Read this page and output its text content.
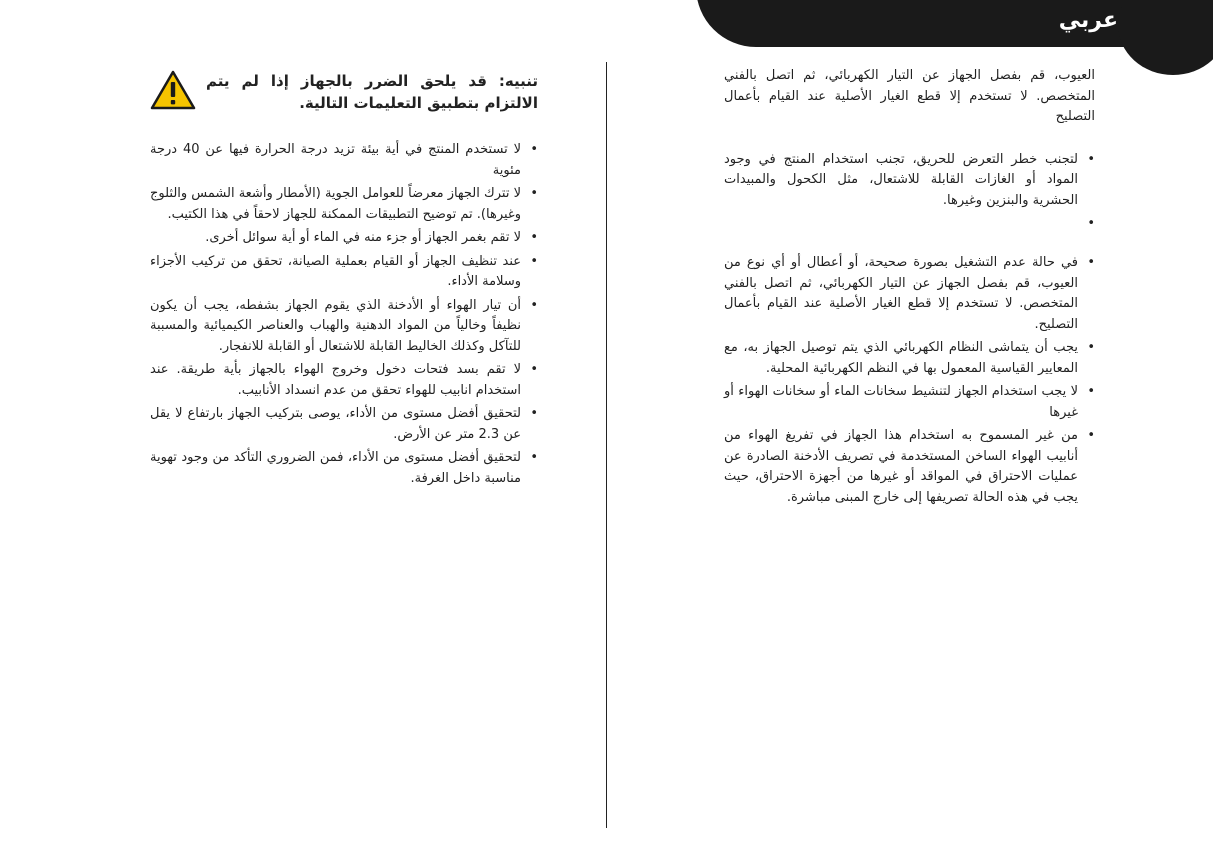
عربي
العيوب، قم بفصل الجهاز عن التيار الكهربائي، ثم اتصل بالفني المتخصص. لا تستخدم إلا قطع الغيار الأصلية عند القيام بأعمال التصليح
•
لتجنب خطر التعرض للحريق، تجنب استخدام المنتج في وجود المواد أو الغازات القابلة للاشتعال، مثل الكحول والمبيدات الحشرية والبنزين وغيرها.
•
•
في حالة عدم التشغيل بصورة صحيحة، أو أعطال أو أي نوع من العيوب، قم بفصل الجهاز عن التيار الكهربائي، ثم اتصل بالفني المتخصص. لا تستخدم إلا قطع الغيار الأصلية عند القيام بأعمال التصليح.
•
يجب أن يتماشى النظام الكهربائي الذي يتم توصيل الجهاز به، مع المعايير القياسية المعمول بها في النظم الكهربائية المحلية.
•
لا يجب استخدام الجهاز لتنشيط سخانات الماء أو سخانات الهواء أو غيرها
•
من غير المسموح به استخدام هذا الجهاز في تفريغ الهواء من أنابيب الهواء الساخن المستخدمة في تصريف الأدخنة الصادرة عن عمليات الاحتراق في المواقد أو غيرها من أجهزة الاحتراق، حيث يجب في هذه الحالة تصريفها إلى خارج المبنى مباشرة.
تنبيه: قد يلحق الضرر بالجهاز إذا لم يتم الالتزام بتطبيق التعليمات التالية.
•
لا تستخدم المنتج في أية بيئة تزيد درجة الحرارة فيها عن 40 درجة مئوية
•
لا تترك الجهاز معرضاً للعوامل الجوية (الأمطار وأشعة الشمس والثلوج وغيرها). تم توضيح التطبيقات الممكنة للجهاز لاحقاً في هذا الكتيب.
•
لا تقم بغمر الجهاز أو جزء منه في الماء أو أية سوائل أخرى.
•
عند تنظيف الجهاز أو القيام بعملية الصيانة، تحقق من تركيب الأجزاء وسلامة الأداء.
•
أن تيار الهواء أو الأدخنة الذي يقوم الجهاز بشفطه، يجب أن يكون نظيفاً وخالياً من المواد الدهنية والهباب والعناصر الكيميائية والمسببة للتآكل وكذلك الخاليط القابلة للاشتعال أو القابلة للانفجار.
•
لا تقم بسد فتحات دخول وخروج الهواء بالجهاز بأية طريقة. عند استخدام انابيب للهواء تحقق من عدم انسداد الأنابيب.
•
لتحقيق أفضل مستوى من الأداء، يوصى بتركيب الجهاز بارتفاع لا يقل عن 2.3 متر عن الأرض.
•
لتحقيق أفضل مستوى من الأداء، فمن الضروري التأكد من وجود تهوية مناسبة داخل الغرفة.
